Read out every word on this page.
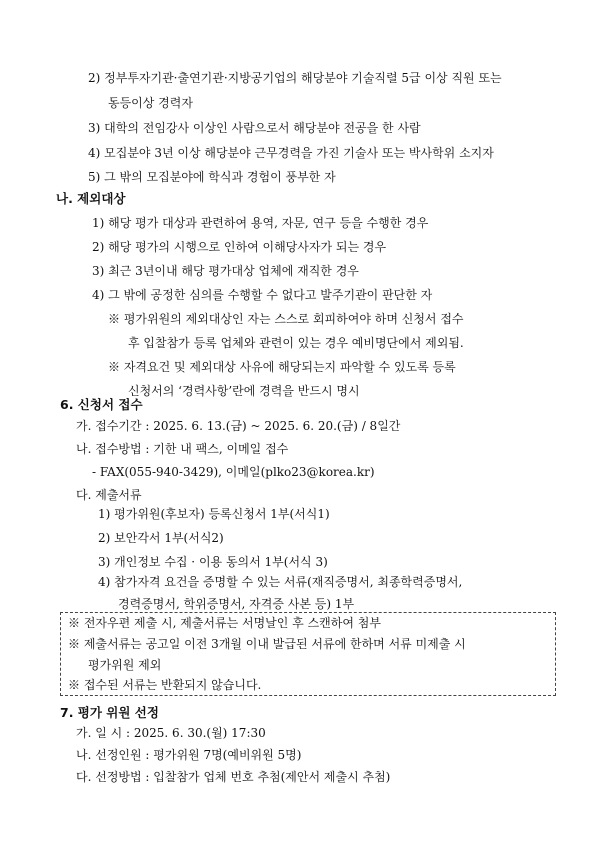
2) 정부투자기관·출연기관·지방공기업의 해당분야 기술직렬 5급 이상 직원 또는
동등이상 경력자
3) 대학의 전임강사 이상인 사람으로서 해당분야 전공을 한 사람
4) 모집분야 3년 이상 해당분야 근무경력을 가진 기술사 또는 박사학위 소지자
5) 그 밖의 모집분야에 학식과 경험이 풍부한 자
나. 제외대상
1) 해당 평가 대상과 관련하여 용역, 자문, 연구 등을 수행한 경우
2) 해당 평가의 시행으로 인하여 이해당사자가 되는 경우
3) 최근 3년이내 해당 평가대상 업체에 재직한 경우
4) 그 밖에 공정한 심의를 수행할 수 없다고 발주기관이 판단한 자
※ 평가위원의 제외대상인 자는 스스로 회피하여야 하며 신청서 접수
후 입찰참가 등록 업체와 관련이 있는 경우 예비명단에서 제외됨.
※ 자격요건 및 제외대상 사유에 해당되는지 파악할 수 있도록 등록
신청서의 ‘경력사항’란에 경력을 반드시 명시
6. 신청서 접수
가. 접수기간 : 2025. 6. 13.(금) ~ 2025. 6. 20.(금) / 8일간
나. 접수방법 : 기한 내 팩스, 이메일 접수
- FAX(055-940-3429), 이메일(plko23@korea.kr)
다. 제출서류
1) 평가위원(후보자) 등록신청서 1부(서식1)
2) 보안각서 1부(서식2)
3) 개인정보 수집 · 이용 동의서 1부(서식 3)
4) 참가자격 요건을 증명할 수 있는 서류(재직증명서, 최종학력증명서,
경력증명서, 학위증명서, 자격증 사본 등) 1부
※ 전자우편 제출 시, 제출서류는 서명날인 후 스캔하여 첨부
7. 평가 위원 선정
가. 일 시 : 2025. 6. 30.(월) 17:30
나. 선정인원 : 평가위원 7명(예비위원 5명)
다. 선정방법 : 입찰참가 업체 번호 추첨(제안서 제출시 추첨)
※ 제출서류는 공고일 이전 3개월 이내 발급된 서류에 한하며 서류 미제출 시
평가위원 제외
※ 접수된 서류는 반환되지 않습니다.
